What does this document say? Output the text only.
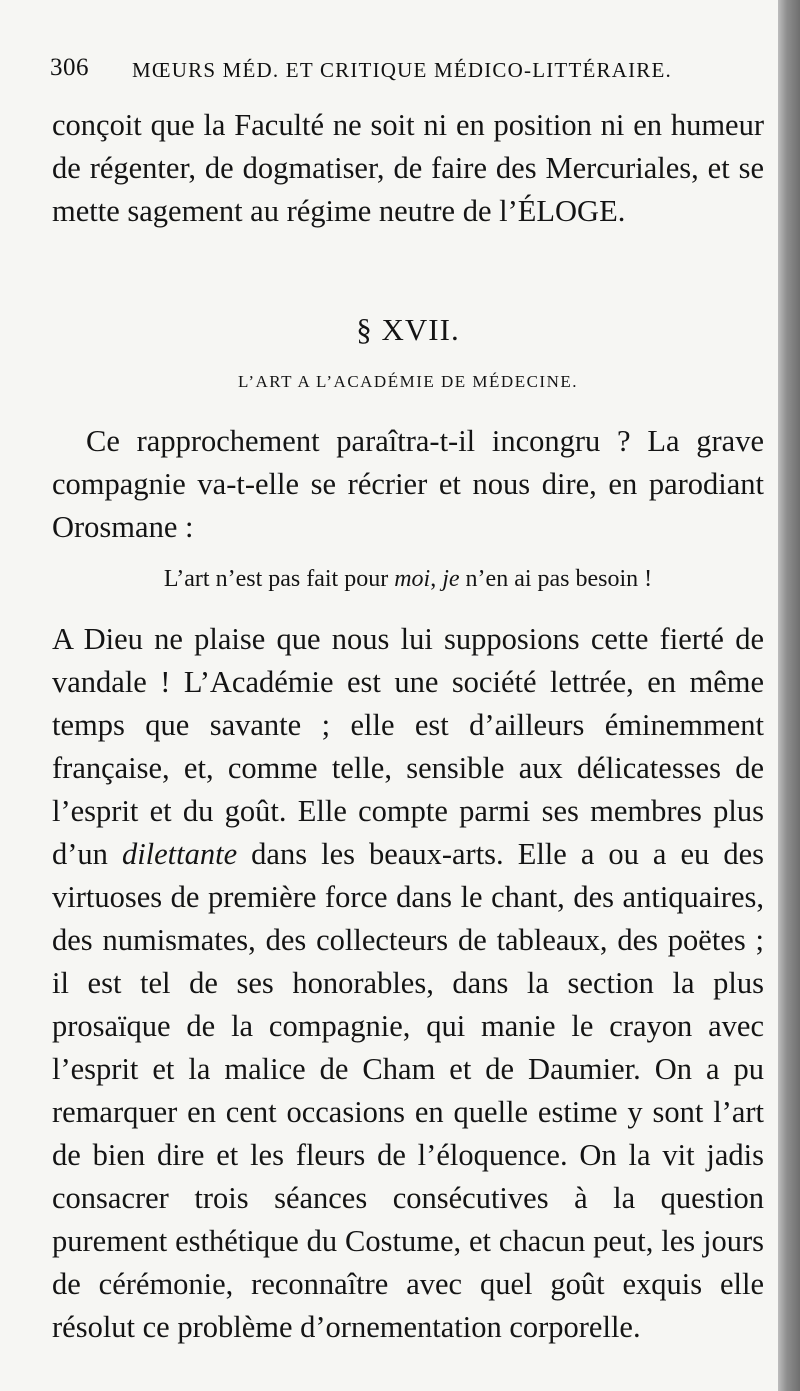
306 MŒURS MÉD. ET CRITIQUE MÉDICO-LITTÉRAIRE.

conçoit que la Faculté ne soit ni en position ni en humeur de régenter, de dogmatiser, de faire des Mercuriales, et se mette sagement au régime neutre de l’ÉLOGE.

§ XVII.
L’ART A L’ACADÉMIE DE MÉDECINE.

Ce rapprochement paraîtra-t-il incongru ? La grave compagnie va-t-elle se récrier et nous dire, en parodiant Orosmane :

L’art n’est pas fait pour moi, je n’en ai pas besoin !

A Dieu ne plaise que nous lui supposions cette fierté de vandale ! L’Académie est une société lettrée, en même temps que savante ; elle est d’ailleurs éminemment française, et, comme telle, sensible aux délicatesses de l’esprit et du goût. Elle compte parmi ses membres plus d’un dilettante dans les beaux-arts. Elle a ou a eu des virtuoses de première force dans le chant, des antiquaires, des numismates, des collecteurs de tableaux, des poëtes ; il est tel de ses honorables, dans la section la plus prosaïque de la compagnie, qui manie le crayon avec l’esprit et la malice de Cham et de Daumier. On a pu remarquer en cent occasions en quelle estime y sont l’art de bien dire et les fleurs de l’éloquence. On la vit jadis consacrer trois séances consécutives à la question purement esthétique du Costume, et chacun peut, les jours de cérémonie, reconnaître avec quel goût exquis elle résolut ce problème d’ornementation corporelle.
